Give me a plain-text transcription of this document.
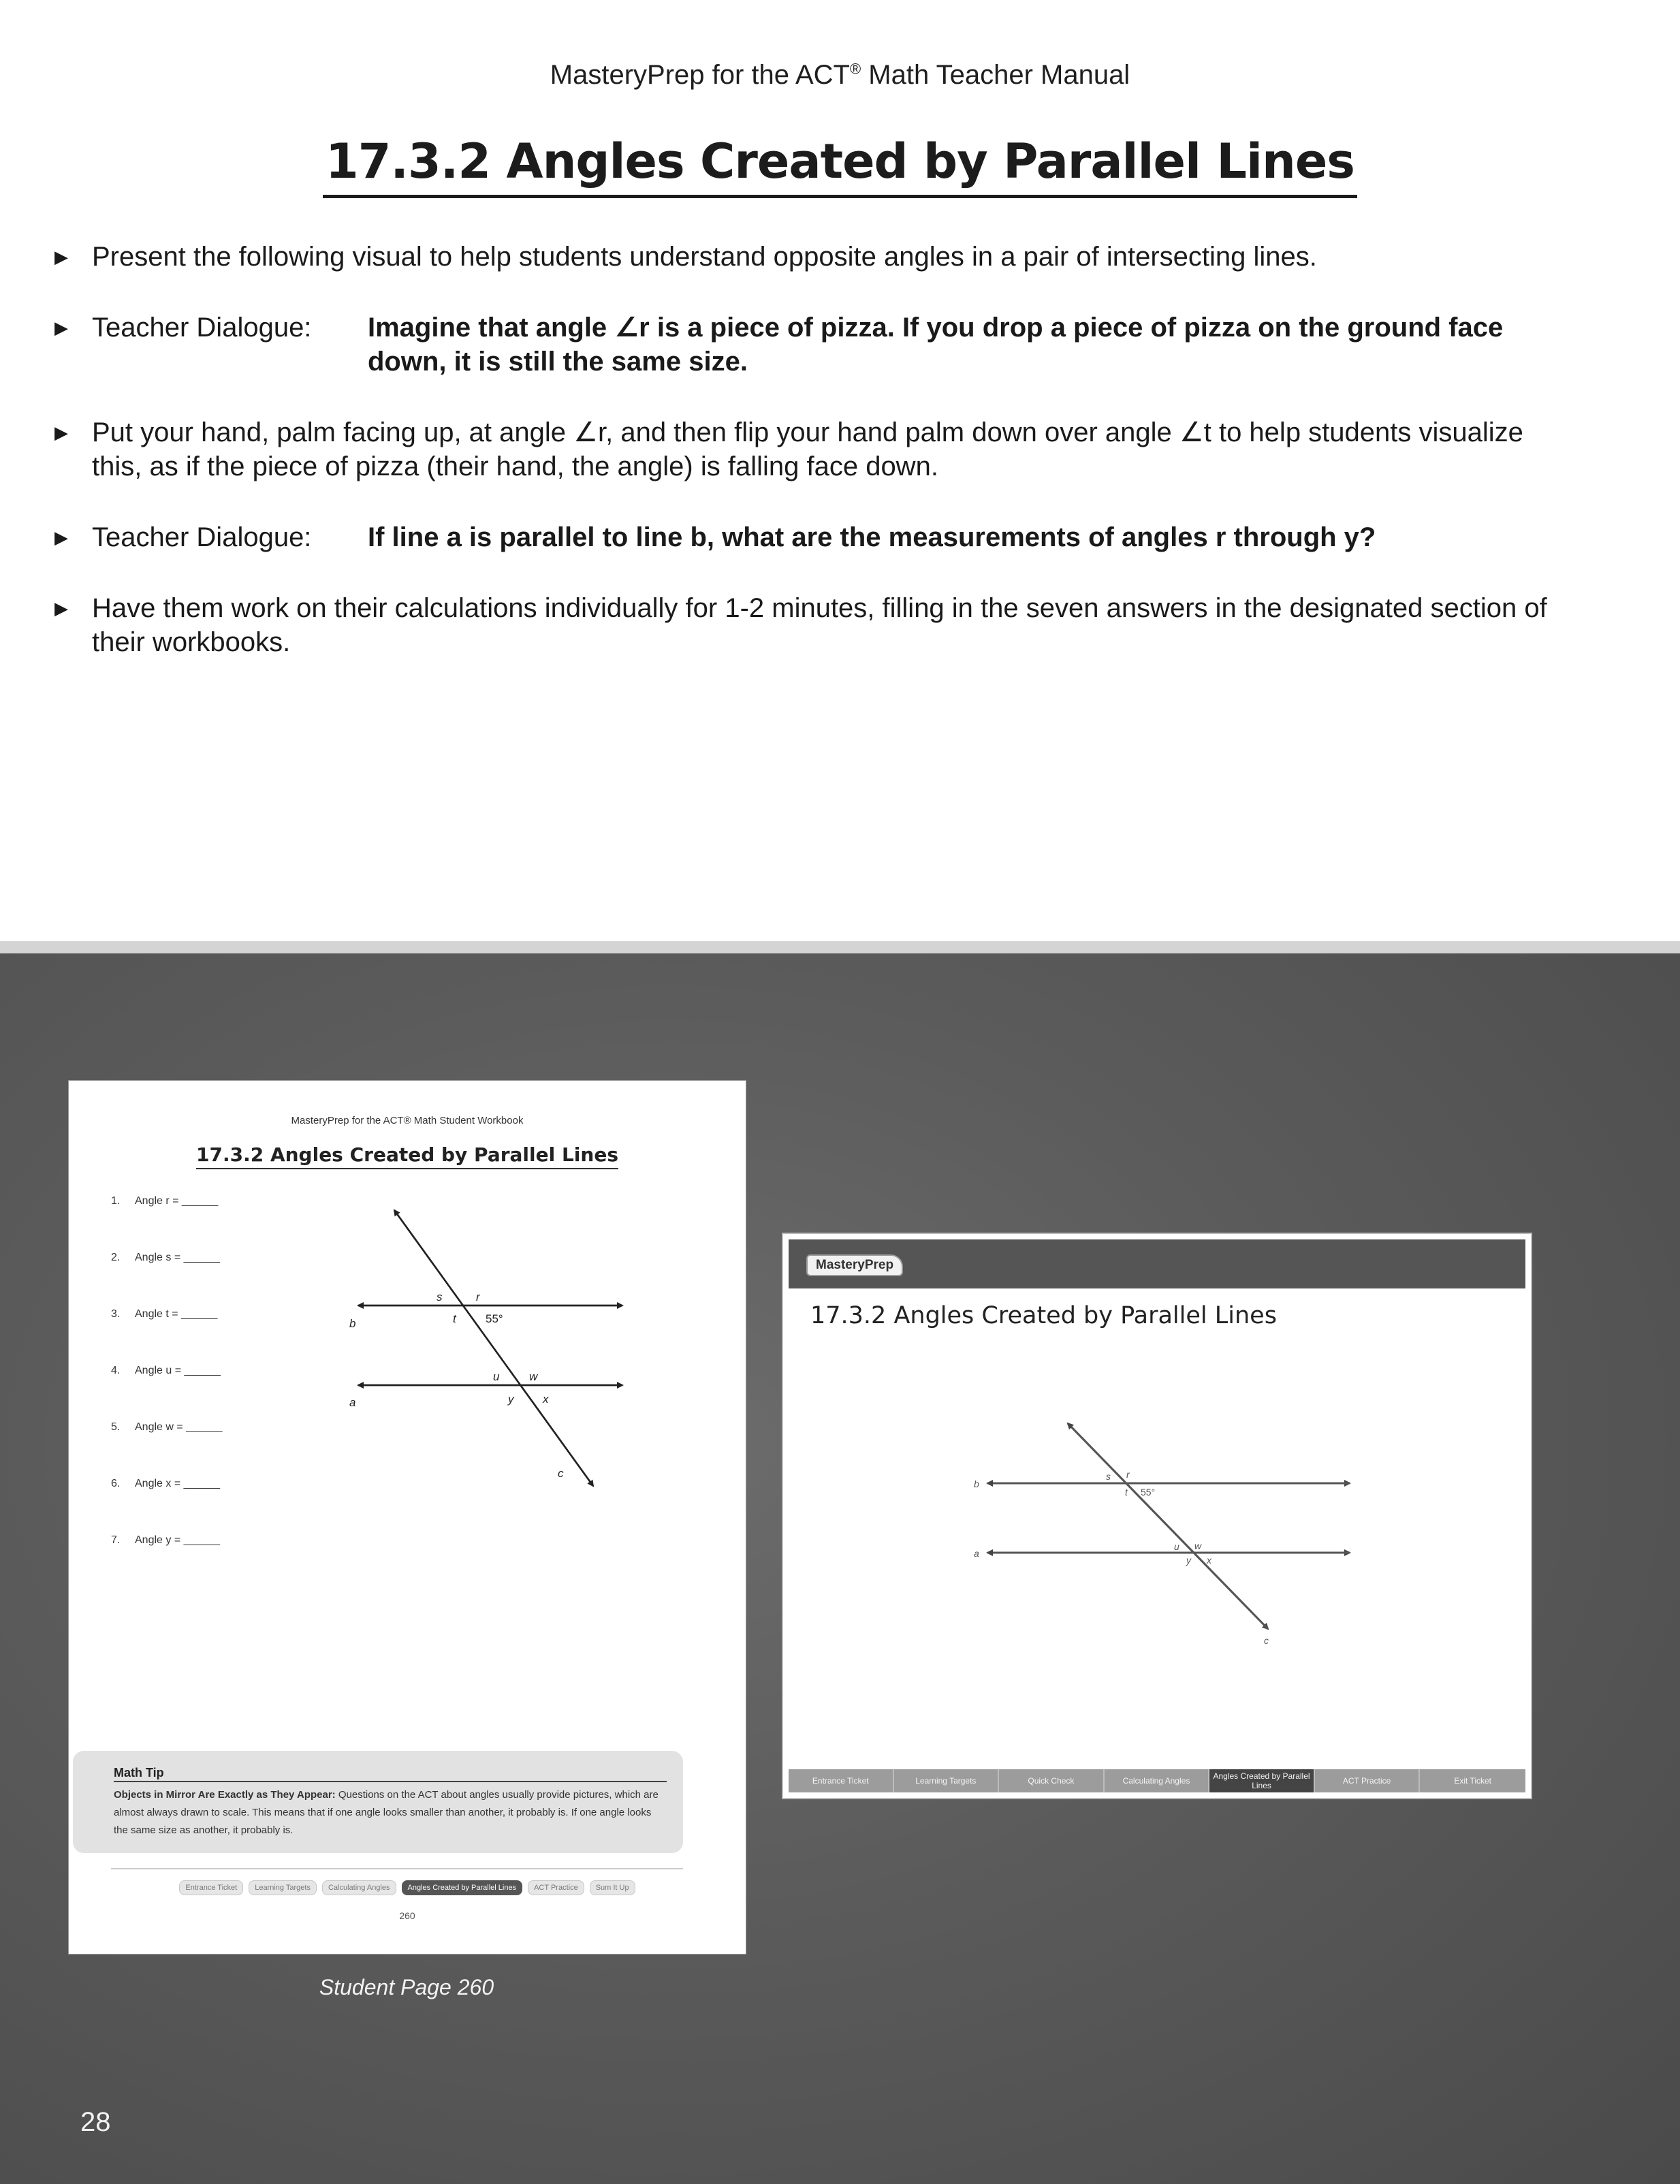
MasteryPrep for the ACT® Math Teacher Manual
17.3.2 Angles Created by Parallel Lines
▶ Present the following visual to help students understand opposite angles in a pair of intersecting lines.
▶ Teacher Dialogue: Imagine that angle ∠r is a piece of pizza. If you drop a piece of pizza on the ground face down, it is still the same size.
▶ Put your hand, palm facing up, at angle ∠r, and then flip your hand palm down over angle ∠t to help students visualize this, as if the piece of pizza (their hand, the angle) is falling face down.
▶ Teacher Dialogue: If line a is parallel to line b, what are the measurements of angles r through y?
▶ Have them work on their calculations individually for 1-2 minutes, filling in the seven answers in the designated section of their workbooks.
MasteryPrep for the ACT® Math Student Workbook
17.3.2 Angles Created by Parallel Lines
1. Angle r = ______
2. Angle s = ______
3. Angle t = ______
4. Angle u = ______
5. Angle w = ______
6. Angle x = ______
7. Angle y = ______
s	r
t	55°
u	w
y	x
b
a
c
Math Tip
Objects in Mirror Are Exactly as They Appear: Questions on the ACT about angles usually provide pictures, which are almost always drawn to scale. This means that if one angle looks smaller than another, it probably is. If one angle looks the same size as another, it probably is.
Entrance Ticket Learning Targets Calculating Angles Angles Created by Parallel Lines ACT Practice Sum It Up
260
Student Page 260
MasteryPrep
17.3.2 Angles Created by Parallel Lines
s r
t 55°
u w
y x
b
a
c
Entrance Ticket	Learning Targets	Quick Check	Calculating Angles	Angles Created by Parallel Lines	ACT Practice	Exit Ticket
28
